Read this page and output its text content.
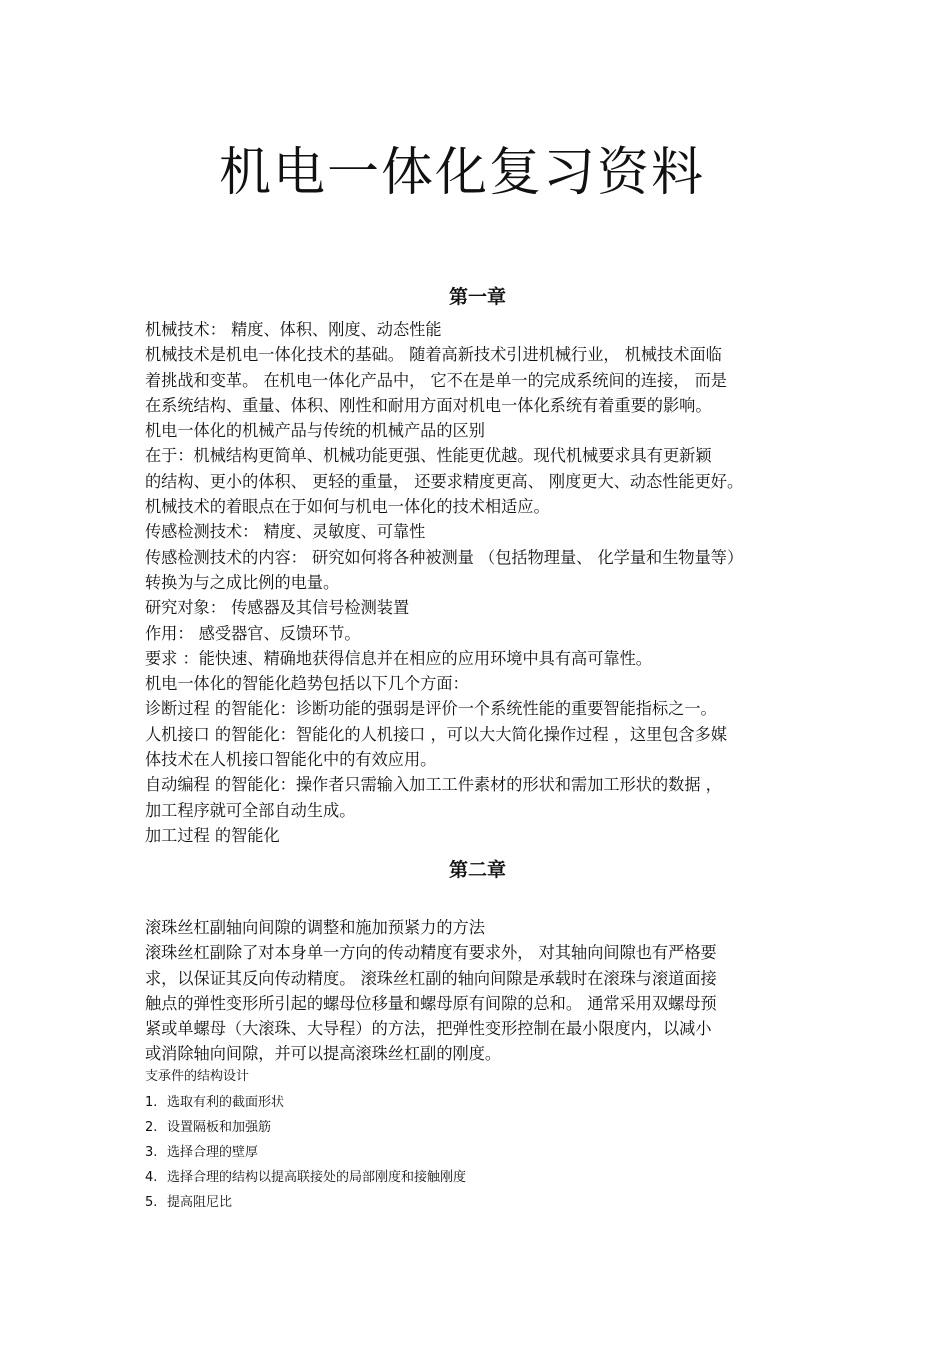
机电一体化复习资料
第一章

机械技术： 精度、体积、刚度、动态性能

机械技术是机电一体化技术的基础。 随着高新技术引进机械行业， 机械技术面临

着挑战和变革。 在机电一体化产品中， 它不在是单一的完成系统间的连接， 而是

在系统结构、重量、体积、刚性和耐用方面对机电一体化系统有着重要的影响。

机电一体化的机械产品与传统的机械产品的区别

在于：机械结构更简单、机械功能更强、性能更优越。现代机械要求具有更新颖

的结构、更小的体积、 更轻的重量， 还要求精度更高、 刚度更大、动态性能更好。

机械技术的着眼点在于如何与机电一体化的技术相适应。

传感检测技术： 精度、灵敏度、可靠性

传感检测技术的内容： 研究如何将各种被测量 （包括物理量、 化学量和生物量等）

转换为与之成比例的电量。

研究对象： 传感器及其信号检测装置

作用： 感受器官、反馈环节。

要求 ：能快速、精确地获得信息并在相应的应用环境中具有高可靠性。

机电一体化的智能化趋势包括以下几个方面：

诊断过程 的智能化：诊断功能的强弱是评价一个系统性能的重要智能指标之一。

人机接口 的智能化：智能化的人机接口 ，可以大大简化操作过程 ，这里包含多媒

体技术在人机接口智能化中的有效应用。

自动编程 的智能化：操作者只需输入加工工件素材的形状和需加工形状的数据 ，

加工程序就可全部自动生成。

加工过程 的智能化

第二章

滚珠丝杠副轴向间隙的调整和施加预紧力的方法

滚珠丝杠副除了对本身单一方向的传动精度有要求外， 对其轴向间隙也有严格要

求，以保证其反向传动精度。 滚珠丝杠副的轴向间隙是承载时在滚珠与滚道面接

触点的弹性变形所引起的螺母位移量和螺母原有间隙的总和。 通常采用双螺母预

紧或单螺母（大滚珠、大导程）的方法，把弹性变形控制在最小限度内，以减小

或消除轴向间隙，并可以提高滚珠丝杠副的刚度。

支承件的结构设计

1. 选取有利的截面形状

2. 设置隔板和加强筋

3. 选择合理的壁厚

4. 选择合理的结构以提高联接处的局部刚度和接触刚度

5. 提高阻尼比
